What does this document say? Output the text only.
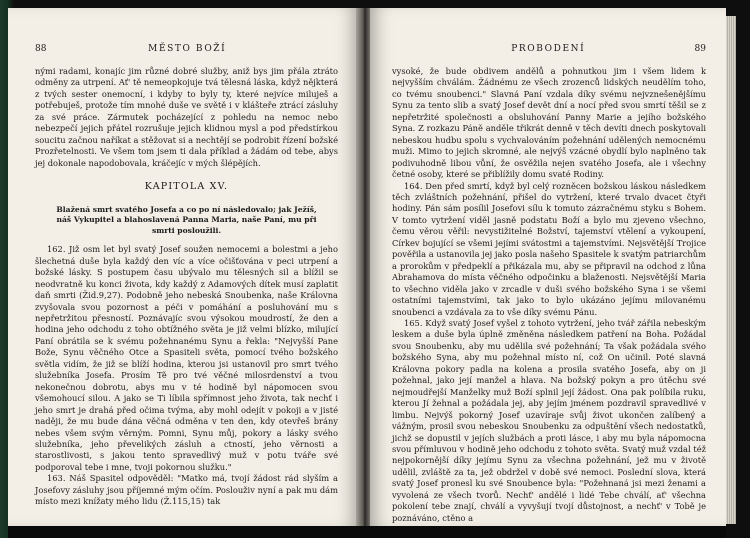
88	MĚSTO BOŽÍ

nými radami, konajíc jim různé dobré služby, aniž bys jim přála ztráto odměny za utrpení. Ať' tě nemeopkojuje tvá tělesná láska, když nějkterá z tvých sester onemocní, i kdyby to byly ty, které nejvíce miluješ a potřebuješ, protože tím mnohé duše ve světě i v klášteře ztrácí zásluhy za své práce. Zármutek pocházející z pohledu na nemoc nebo nebezpečí jejich přátel rozrušuje jejich klidnou mysl a pod předstírkou soucitu začnou naříkat a stěžovat si a nechtějí se podrobit řízení božské Prozřetelnosti. Ve všem tom jsem ti dala příklad a žádám od tebe, abys jej dokonale napodobovala, kráčejíc v mých šlépějích.

KAPITOLA XV.
Blažená smrt svatého Josefa a co po ní následovalo; jak Ježíš, náš Vykupitel a blahoslavená Panna Maria, naše Paní, mu při smrti posloužili.

162. Již osm let byl svatý Josef soužen nemocemi a bolestmi a jeho šlechetná duše byla každý den víc a více očišťována v peci utrpení a božské lásky. S postupem času ubývalo mu tělesných sil a blížil se neodvratně ku konci života, kdy každý z Adamových dítek musí zaplatit daň smrti (Žid.9,27). Podobně jeho nebeská Snoubenka, naše Královna zvyšovala svou pozornost a péči v pomáhání a posluhování mu s nepřetržitou přesností. Poznávajíc svou výsokou moudrostí, že den a hodina jeho odchodu z toho obtížného světa je již velmi blízko, milující Paní obrátila se k svému požehnanému Synu a řekla: "Nejvyšší Pane Bože, Synu věčného Otce a Spasiteli světa, pomocí tvého božského světla vidím, že již se blíží hodina, kterou jsi ustanovil pro smrt tvého služebníka Josefa. Prosím Tě pro tvé věčné milosrdenství a tvou nekonečnou dobrotu, abys mu v té hodině byl nápomocen svou všemohoucí silou. A jako se Ti líbila spřímnost jeho života, tak nechť i jeho smrt je drahá před očima tvýma, aby mohl odejít v pokoji a v jisté naději, že mu bude dána věčná odměna v ten den, kdy otevřeš brány nebes všem svým věrným. Pomni, Synu můj, pokory a lásky svého služebníka, jeho převelikých zásluh a ctností, jeho věrnosti a starostlivosti, s jakou tento spravedlivý muž v potu tváře své podporoval tebe i mne, tvoji pokornou služku."

163. Náš Spasitel odpověděl: "Matko má, tvojí žádost rád slyším a Josefovy zásluhy jsou příjemné mým očím. Poslouživ nyní a pak mu dám místo mezi knížaty mého lidu (Ž.115,15) tak

PROBODENÍ	89

vysoké, že bude obdivem andělů a pohnutkou jim i všem lidem k nejvyšším chválám. Žádnému ze všech zrozenců lidských neudělím toho, co tvému snoubenci." Slavná Paní vzdala díky svému nejvznešenějšímu Synu za tento slib a svatý Josef devět dní a nocí před svou smrtí těšil se z nepřetržité společnosti a obsluhování Panny Marie a jejího božského Syna. Z rozkazu Páně anděle třikrát denně v těch devíti dnech poskytovali nebeskou hudbu spolu s vychvalováním požehnání udělených nemocnému muži. Mimo to jejich skromné, ale nejvýš vzácné obydlí bylo naplněno tak podivuhodně libou vůní, že osvěžila nejen svatého Josefa, ale i všechny četné osoby, které se přiblížily domu svaté Rodiny.

164. Den před smrtí, když byl celý rozněcen božskou láskou následkem těch zvláštních požehnání, přišel do vytržení, které trvalo dvacet čtyři hodiny. Pán sám posílil Josefovi sílu k tomuto zázračnému styku s Bohem. V tomto vytržení viděl jasně podstatu Boží a bylo mu zjeveno všechno, čemu věrou věřil: nevystižitelné Božství, tajemství vtělení a vykoupení, Církev bojující se všemi jejími svátostmi a tajemstvími. Nejsvětější Trojice pověřila a ustanovila jej jako posla našeho Spasitele k svatým patriarchům a prorokům v předpeklí a přikázala mu, aby se připravil na odchod z lůna Abrahamova do místa věčného odpočinku a blaženosti. Nejsvětější Maria to všechno viděla jako v zrcadle v duši svého božského Syna i se všemi ostatními tajemstvími, tak jako to bylo ukázáno jejímu milovanému snoubenci a vzdávala za to vše díky svému Pánu.

165. Když svatý Josef vyšel z tohoto vytržení, jeho tvář zářila nebeským leskem a duše byla úplně změněna následkem patření na Boha. Požádal svou Snoubenku, aby mu udělila své požehnání; Ta však požádala svého božského Syna, aby mu požehnal místo ní, což On učinil. Poté slavná Královna pokory padla na kolena a prosila svatého Josefa, aby on ji požehnal, jako její manžel a hlava. Na božský pokyn a pro útěchu své nejmoudřejší Manželky muž Boží splnil její žádost. Ona pak políbila ruku, kterou Jí žehnal a požádala jej, aby jejím jménem pozdravil spravedlivé v limbu. Nejvýš pokorný Josef uzavíraje svůj život ukončen zalíbený a vážným, prosil svou nebeskou Snoubenku za odpuštění všech nedostatků, jichž se dopustil v jejích službách a proti lásce, i aby mu byla nápomocna svou přímluvou v hodině jeho odchodu z tohoto světa. Svatý muž vzdal též nejpokornější díky jejímu Synu za všechna požehnání, jež mu v životě udělil, zvláště za ta, jež obdržel v době své nemoci. Poslední slova, která svatý Josef pronesl ku své Snoubence byla: "Požehnaná jsi mezi ženami a vyvolená ze všech tvorů. Nechť' andělé i lidé Tebe chválí, ať' všechna pokolení tebe znají, chválí a vyvyšují tvojí důstojnost, a nechť' v Tobě je poznáváno, ctěno a
